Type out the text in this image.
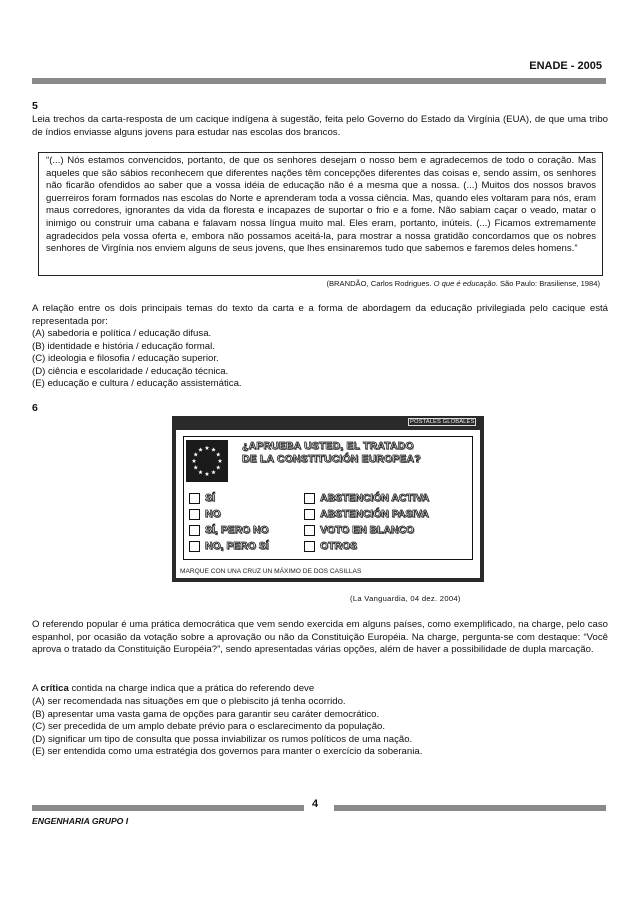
ENADE - 2005
5
Leia trechos da carta-resposta de um cacique indígena à sugestão, feita pelo Governo do Estado da Virgínia (EUA), de que uma tribo de índios enviasse alguns jovens para estudar nas escolas dos brancos.
“(...) Nós estamos convencidos, portanto, de que os senhores desejam o nosso bem e agradecemos de todo o coração. Mas aqueles que são sábios reconhecem que diferentes nações têm concepções diferentes das coisas e, sendo assim, os senhores não ficarão ofendidos ao saber que a vossa idéia de educação não é a mesma que a nossa. (...) Muitos dos nossos bravos guerreiros foram formados nas escolas do Norte e aprenderam toda a vossa ciência. Mas, quando eles voltaram para nós, eram maus corredores, ignorantes da vida da floresta e incapazes de suportar o frio e a fome. Não sabiam caçar o veado, matar o inimigo ou construir uma cabana e falavam nossa língua muito mal. Eles eram, portanto, inúteis. (...) Ficamos extremamente agradecidos pela vossa oferta e, embora não possamos aceitá-la, para mostrar a nossa gratidão concordamos que os nobres senhores de Virgínia nos enviem alguns de seus jovens, que lhes ensinaremos tudo que sabemos e faremos deles homens.”
(BRANDÃO, Carlos Rodrigues. O que é educação. São Paulo: Brasiliense, 1984)
A relação entre os dois principais temas do texto da carta e a forma de abordagem da educação privilegiada pelo cacique está representada por:
(A) sabedoria e política / educação difusa.
(B) identidade e história / educação formal.
(C) ideologia e filosofia / educação superior.
(D) ciência e escolaridade / educação técnica.
(E) educação e cultura / educação assistemática.
6
POSTALES GLOBALES
¿APRUEBA USTED, EL TRATADO
DE LA CONSTITUCIÓN EUROPEA?
SÍ
NO
SÍ, PERO NO
NO, PERO SÍ
ABSTENCIÓN ACTIVA
ABSTENCIÓN PASIVA
VOTO EN BLANCO
OTROS
MARQUE CON UNA CRUZ UN MÁXIMO DE DOS CASILLAS
(La Vanguardia, 04 dez. 2004)
O referendo popular é uma prática democrática que vem sendo exercida em alguns países, como exemplificado, na charge, pelo caso espanhol, por ocasião da votação sobre a aprovação ou não da Constituição Européia. Na charge, pergunta-se com destaque: “Você aprova o tratado da Constituição Européia?”, sendo apresentadas várias opções, além de haver a possibilidade de dupla marcação.
A crítica contida na charge indica que a prática do referendo deve
(A) ser recomendada nas situações em que o plebiscito já tenha ocorrido.
(B) apresentar uma vasta gama de opções para garantir seu caráter democrático.
(C) ser precedida de um amplo debate prévio para o esclarecimento da população.
(D) significar um tipo de consulta que possa inviabilizar os rumos políticos de uma nação.
(E) ser entendida como uma estratégia dos governos para manter o exercício da soberania.
4
ENGENHARIA GRUPO I
